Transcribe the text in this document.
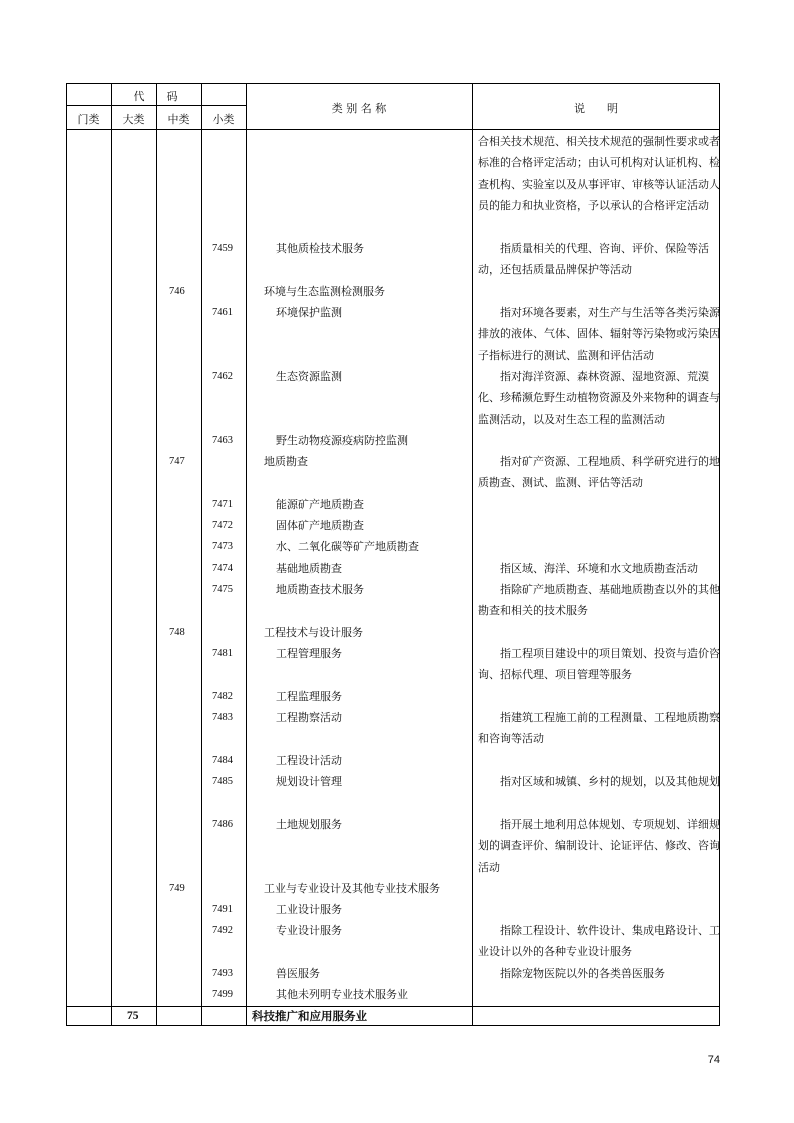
代　　码
门类	大类	中类	小类
类 别 名 称	说　　明
合相关技术规范、相关技术规范的强制性要求或者标准的合格评定活动；由认可机构对认证机构、检查机构、实验室以及从事评审、审核等认证活动人员的能力和执业资格，予以承认的合格评定活动
7459	其他质检技术服务	　　指质量相关的代理、咨询、评价、保险等活动，还包括质量品牌保护等活动
746	环境与生态监测检测服务
7461	环境保护监测	　　指对环境各要素，对生产与生活等各类污染源排放的液体、气体、固体、辐射等污染物或污染因子指标进行的测试、监测和评估活动
7462	生态资源监测	　　指对海洋资源、森林资源、湿地资源、荒漠化、珍稀濒危野生动植物资源及外来物种的调查与监测活动，以及对生态工程的监测活动
7463	野生动物疫源疫病防控监测
747	地质勘查	　　指对矿产资源、工程地质、科学研究进行的地质勘查、测试、监测、评估等活动
7471	能源矿产地质勘查
7472	固体矿产地质勘查
7473	水、二氧化碳等矿产地质勘查
7474	基础地质勘查	　　指区域、海洋、环境和水文地质勘查活动
7475	地质勘查技术服务	　　指除矿产地质勘查、基础地质勘查以外的其他勘查和相关的技术服务
748	工程技术与设计服务
7481	工程管理服务	　　指工程项目建设中的项目策划、投资与造价咨询、招标代理、项目管理等服务
7482	工程监理服务
7483	工程勘察活动	　　指建筑工程施工前的工程测量、工程地质勘察和咨询等活动
7484	工程设计活动
7485	规划设计管理	　　指对区域和城镇、乡村的规划，以及其他规划
7486	土地规划服务	　　指开展土地利用总体规划、专项规划、详细规划的调查评价、编制设计、论证评估、修改、咨询活动
749	工业与专业设计及其他专业技术服务
7491	工业设计服务
7492	专业设计服务	　　指除工程设计、软件设计、集成电路设计、工业设计以外的各种专业设计服务
7493	兽医服务	　　指除宠物医院以外的各类兽医服务
7499	其他未列明专业技术服务业
75	科技推广和应用服务业
74
